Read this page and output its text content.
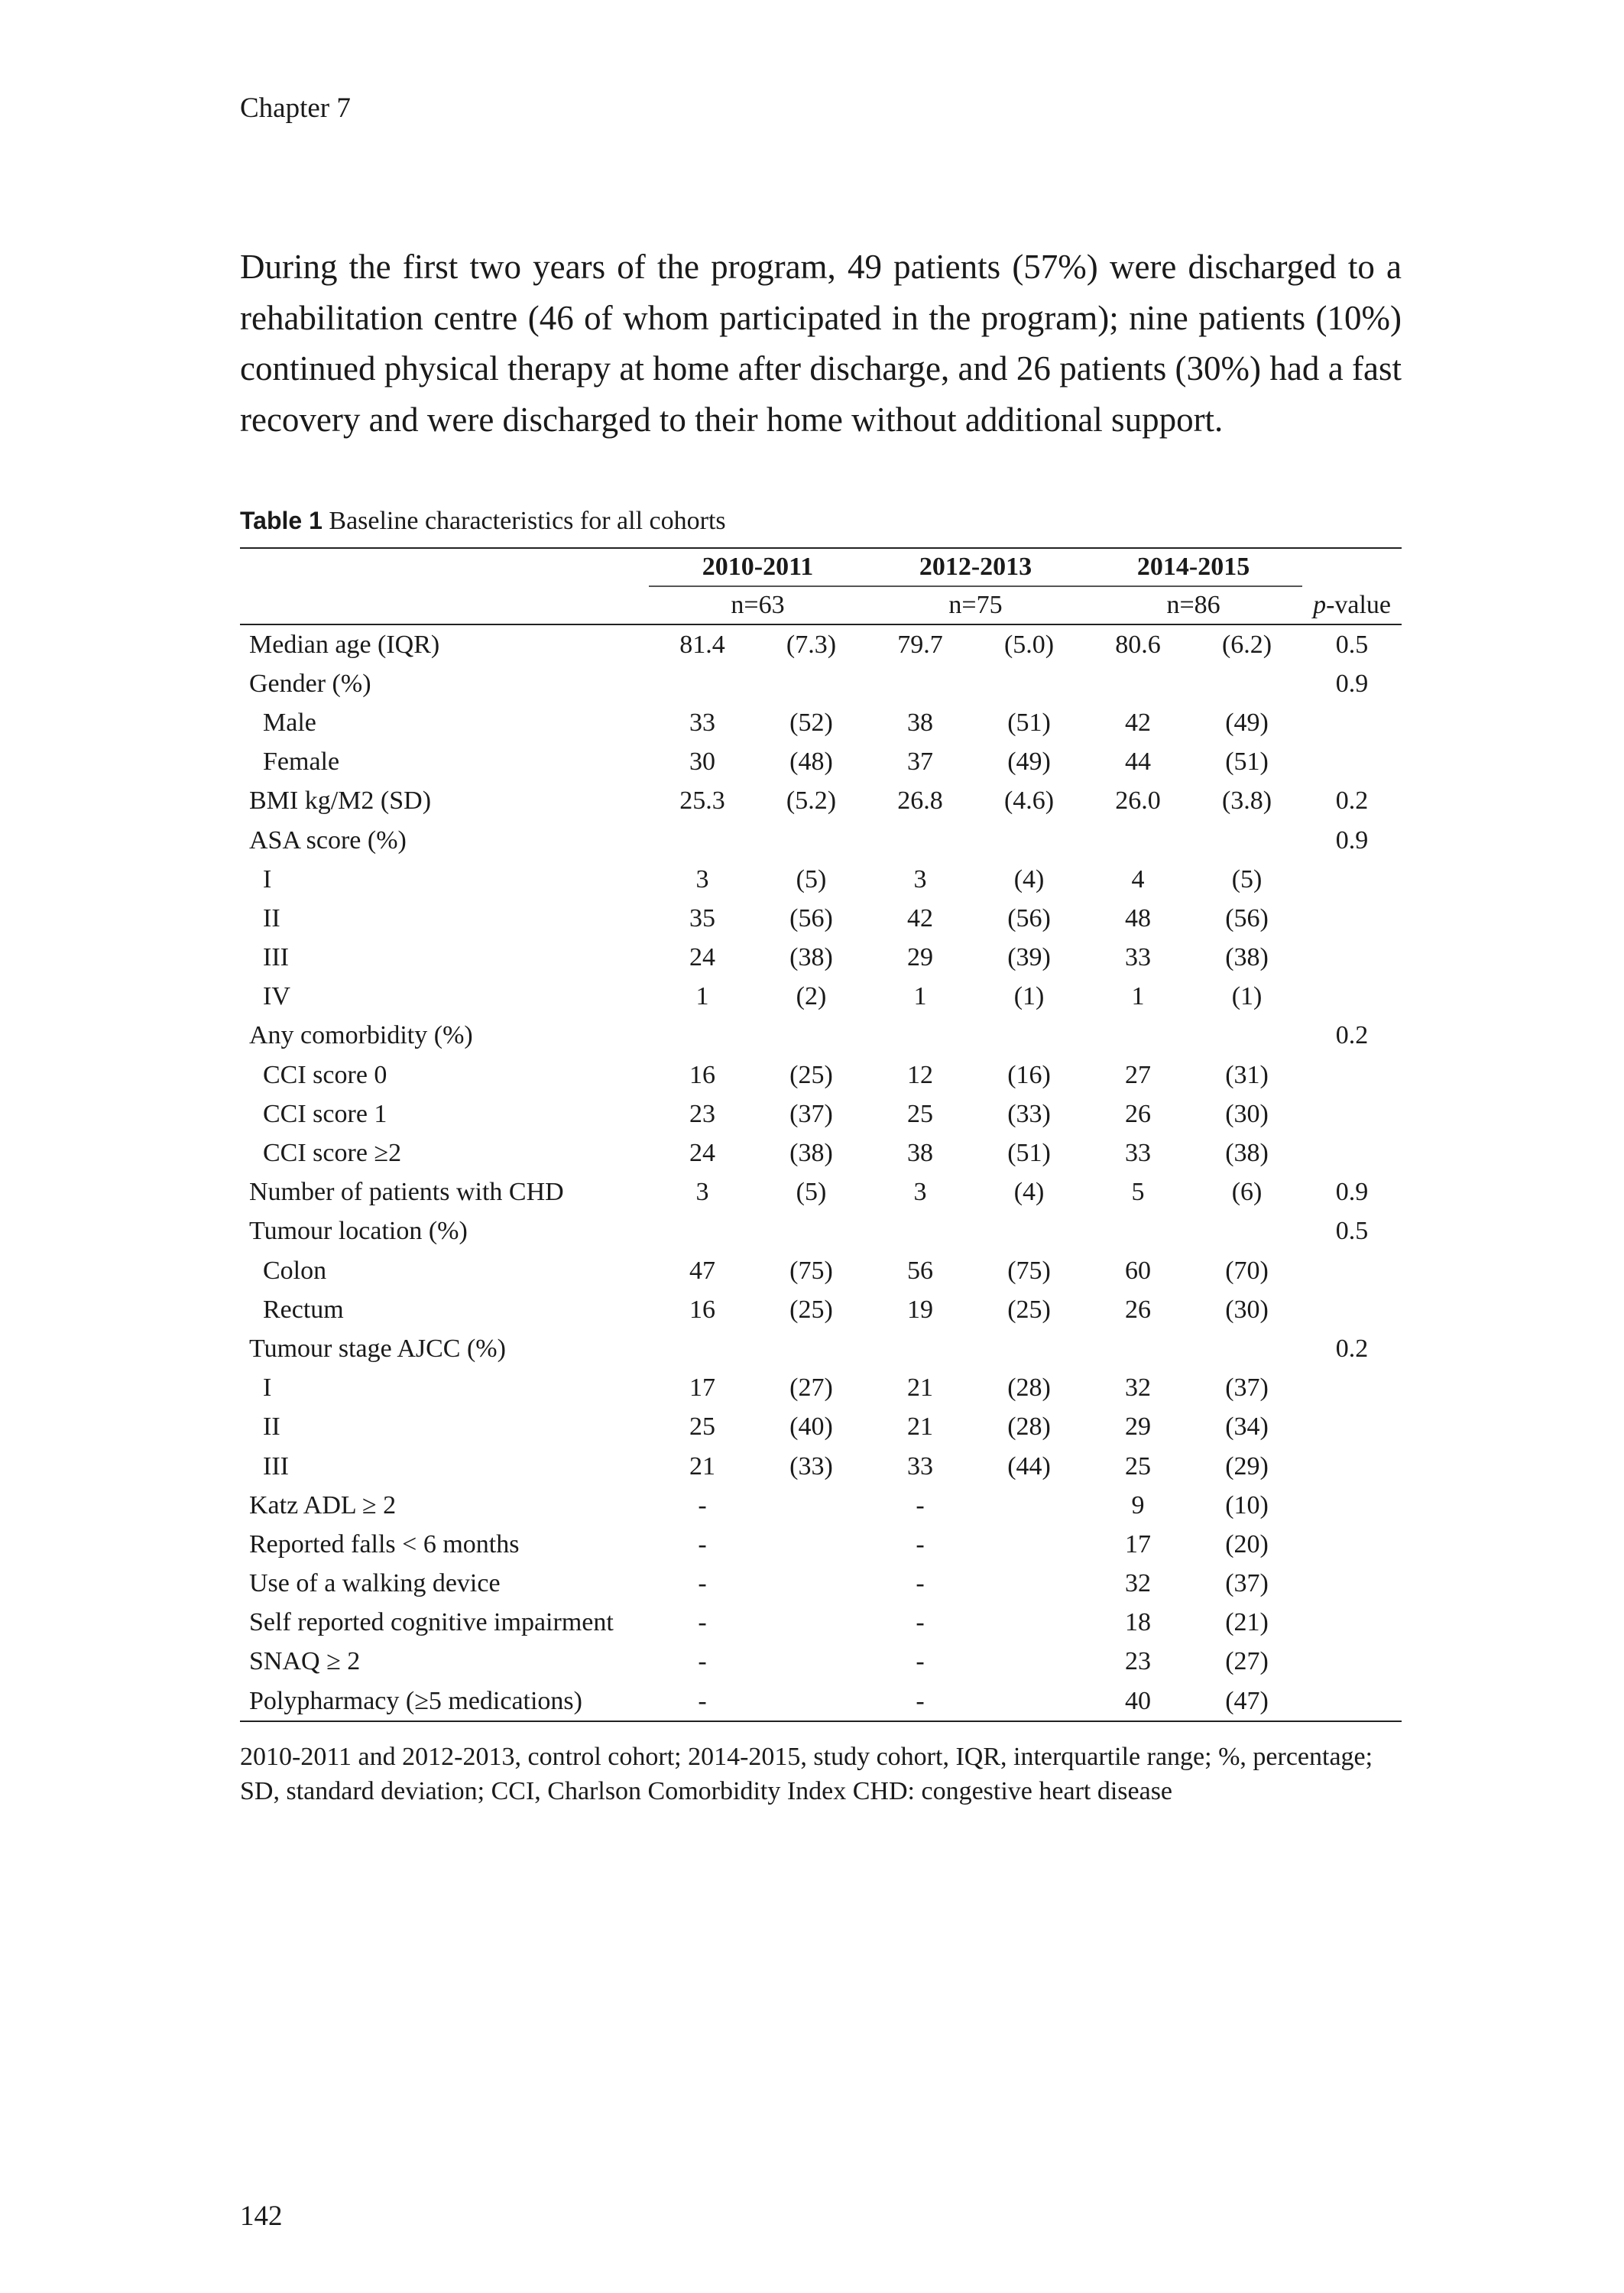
Chapter 7

During the first two years of the program, 49 patients (57%) were discharged to a rehabilitation centre (46 of whom participated in the program); nine patients (10%) continued physical therapy at home after discharge, and 26 patients (30%) had a fast recovery and were discharged to their home without additional support.

Table 1 Baseline characteristics for all cohorts
	2010-2011		2012-2013		2014-2015		
	n=63		n=75		n=86		p-value
Median age (IQR)	81.4	(7.3)	79.7	(5.0)	80.6	(6.2)	0.5
Gender (%)							0.9
Male	33	(52)	38	(51)	42	(49)	
Female	30	(48)	37	(49)	44	(51)	
BMI kg/M2 (SD)	25.3	(5.2)	26.8	(4.6)	26.0	(3.8)	0.2
ASA score (%)							0.9
I	3	(5)	3	(4)	4	(5)	
II	35	(56)	42	(56)	48	(56)	
III	24	(38)	29	(39)	33	(38)	
IV	1	(2)	1	(1)	1	(1)	
Any comorbidity (%)							0.2
CCI score 0	16	(25)	12	(16)	27	(31)	
CCI score 1	23	(37)	25	(33)	26	(30)	
CCI score ≥2	24	(38)	38	(51)	33	(38)	
Number of patients with CHD	3	(5)	3	(4)	5	(6)	0.9
Tumour location (%)							0.5
Colon	47	(75)	56	(75)	60	(70)	
Rectum	16	(25)	19	(25)	26	(30)	
Tumour stage AJCC (%)							0.2
I	17	(27)	21	(28)	32	(37)	
II	25	(40)	21	(28)	29	(34)	
III	21	(33)	33	(44)	25	(29)	
Katz ADL ≥ 2	-		-		9	(10)	
Reported falls < 6 months	-		-		17	(20)	
Use of a walking device	-		-		32	(37)	
Self reported cognitive impairment	-		-		18	(21)	
SNAQ ≥ 2	-		-		23	(27)	
Polypharmacy (≥5 medications)	-		-		40	(47)	

2010-2011 and 2012-2013, control cohort; 2014-2015, study cohort, IQR, interquartile range; %, percentage; SD, standard deviation; CCI, Charlson Comorbidity Index CHD: congestive heart disease

142
